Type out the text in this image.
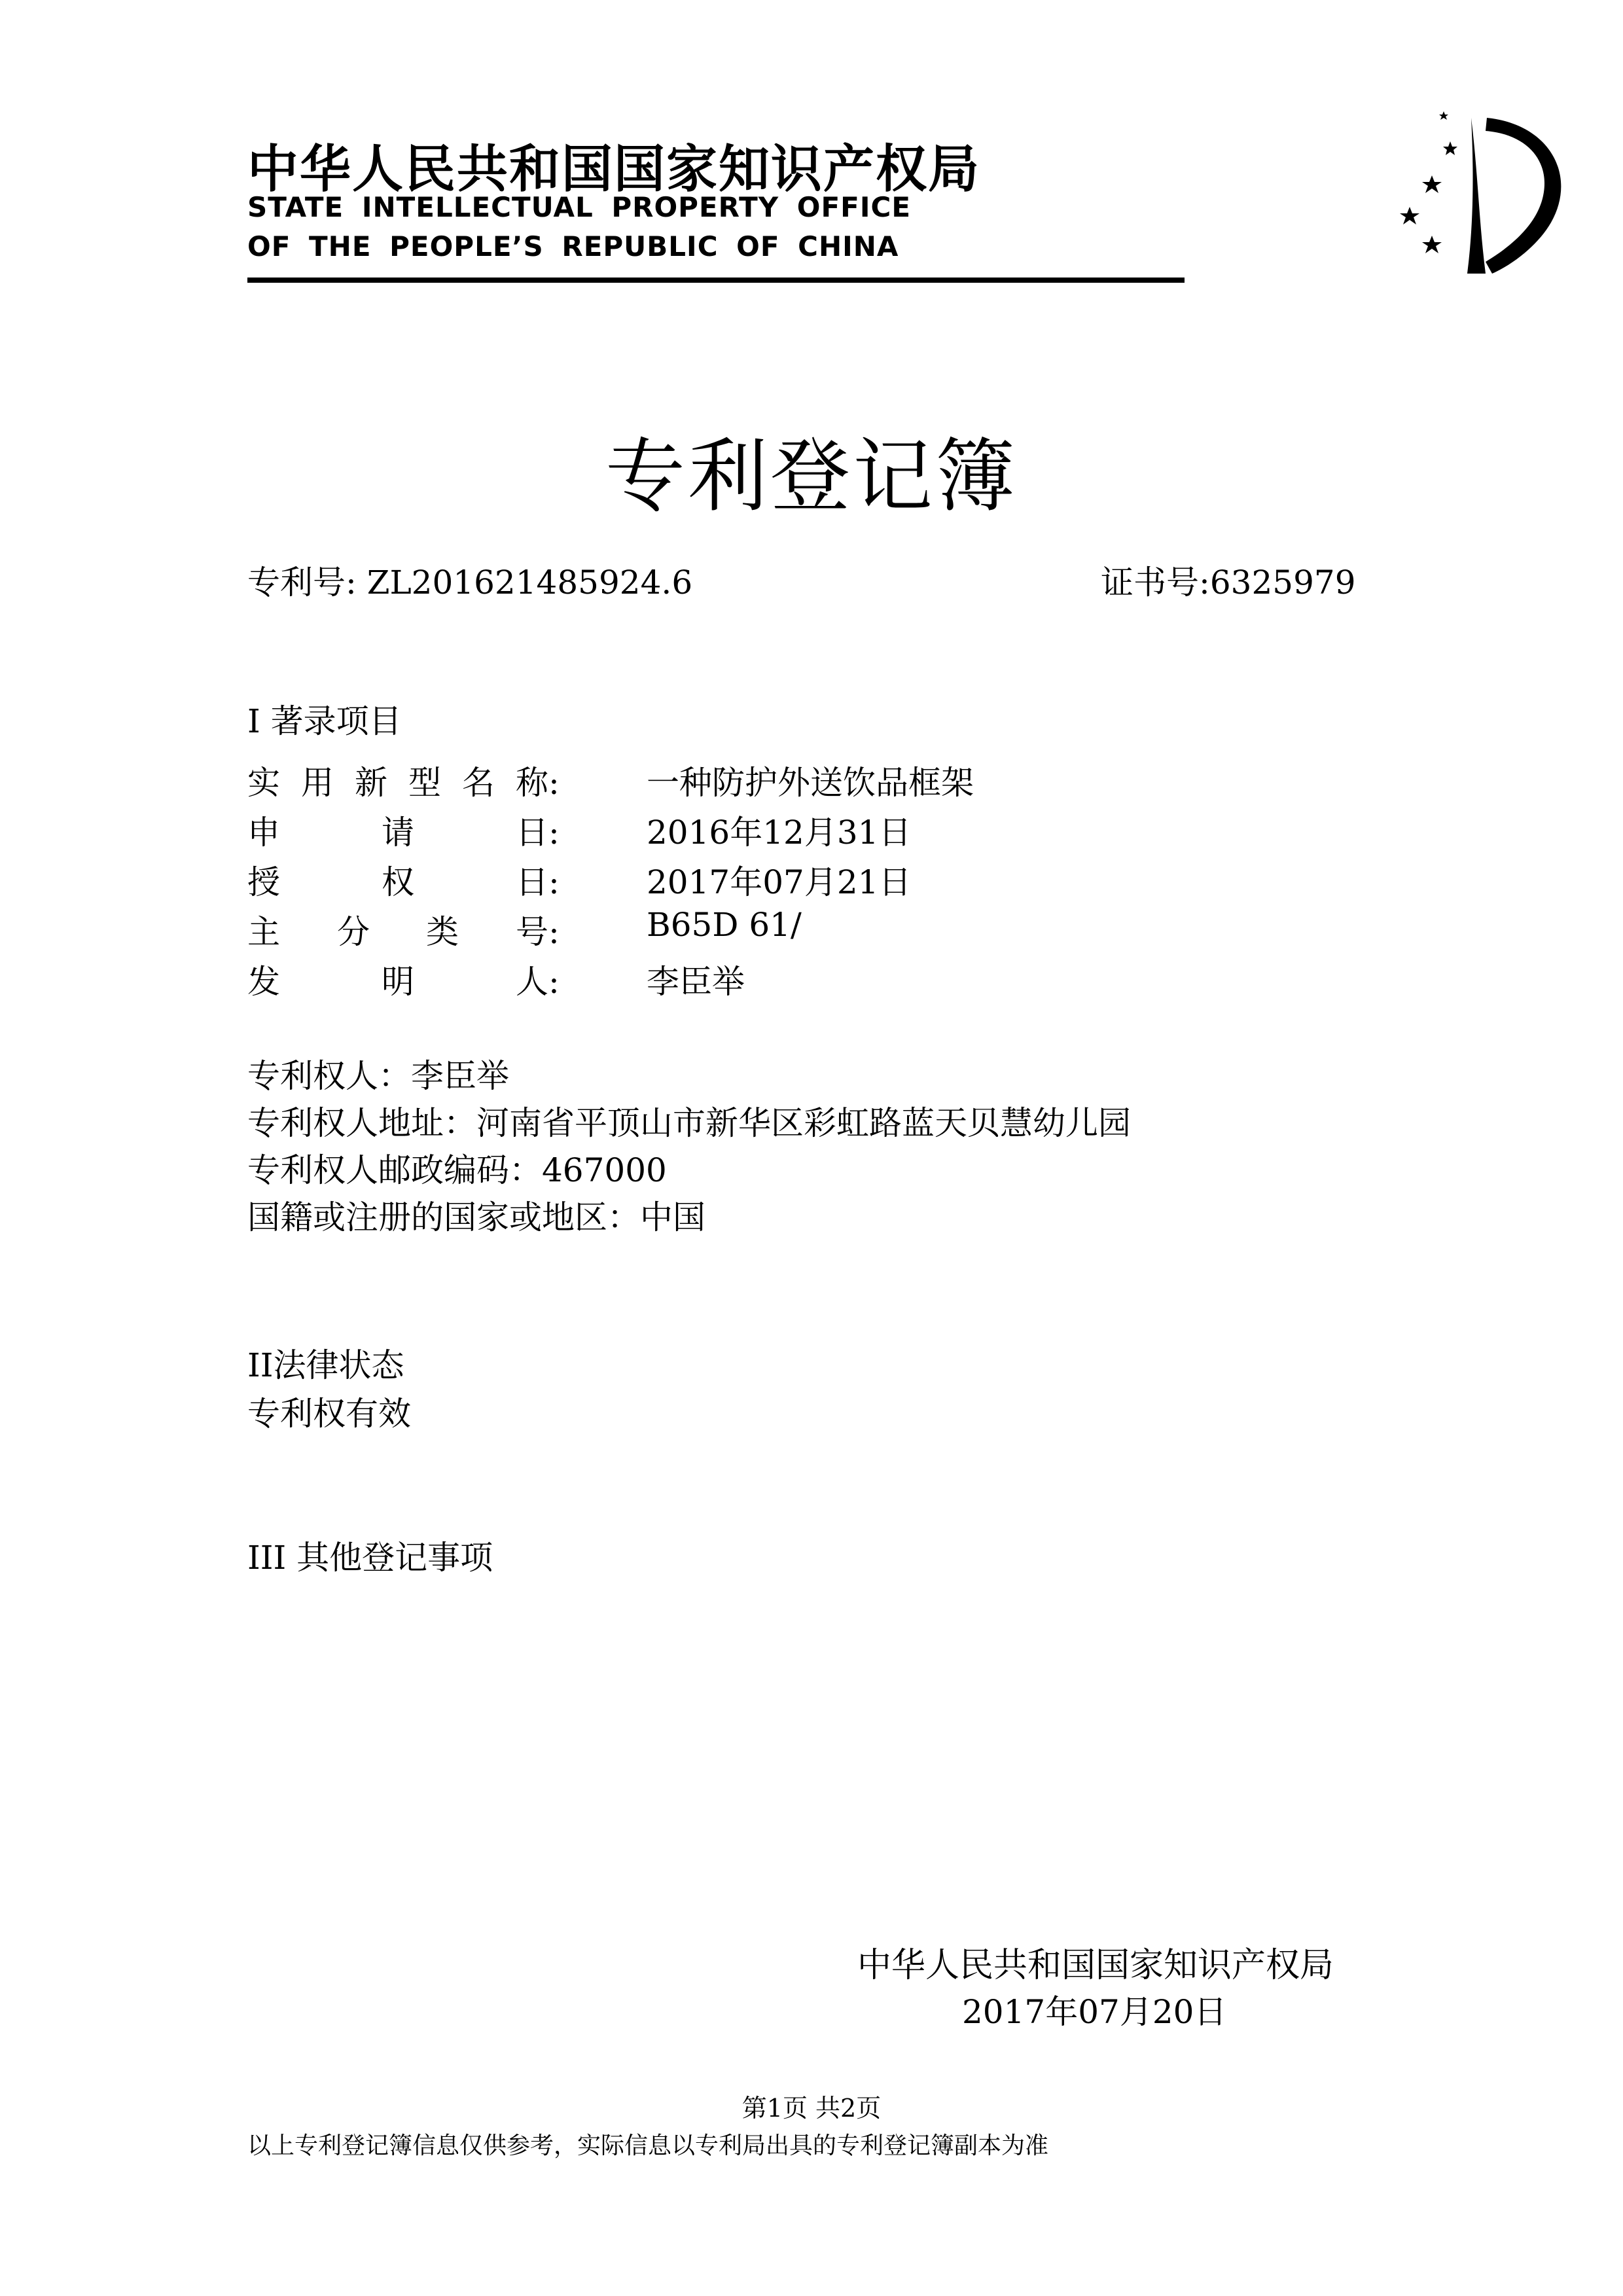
中华人民共和国国家知识产权局
STATE INTELLECTUAL PROPERTY OFFICE
OF THE PEOPLE’S REPUBLIC OF CHINA
专利登记簿
专利号: ZL201621485924.6	证书号:6325979
I 著录项目
实 用 新 型 名 称:	一种防护外送饮品框架
申	请	日:	2016年12月31日
授	权	日:	2017年07月21日
主 分 类 号:	B65D 61/
发	明	人:	李臣举
专利权人：李臣举
专利权人地址：河南省平顶山市新华区彩虹路蓝天贝慧幼儿园
专利权人邮政编码：467000
国籍或注册的国家或地区：中国
II法律状态
专利权有效
III 其他登记事项
中华人民共和国国家知识产权局
2017年07月20日
第1页 共2页
以上专利登记簿信息仅供参考，实际信息以专利局出具的专利登记簿副本为准
